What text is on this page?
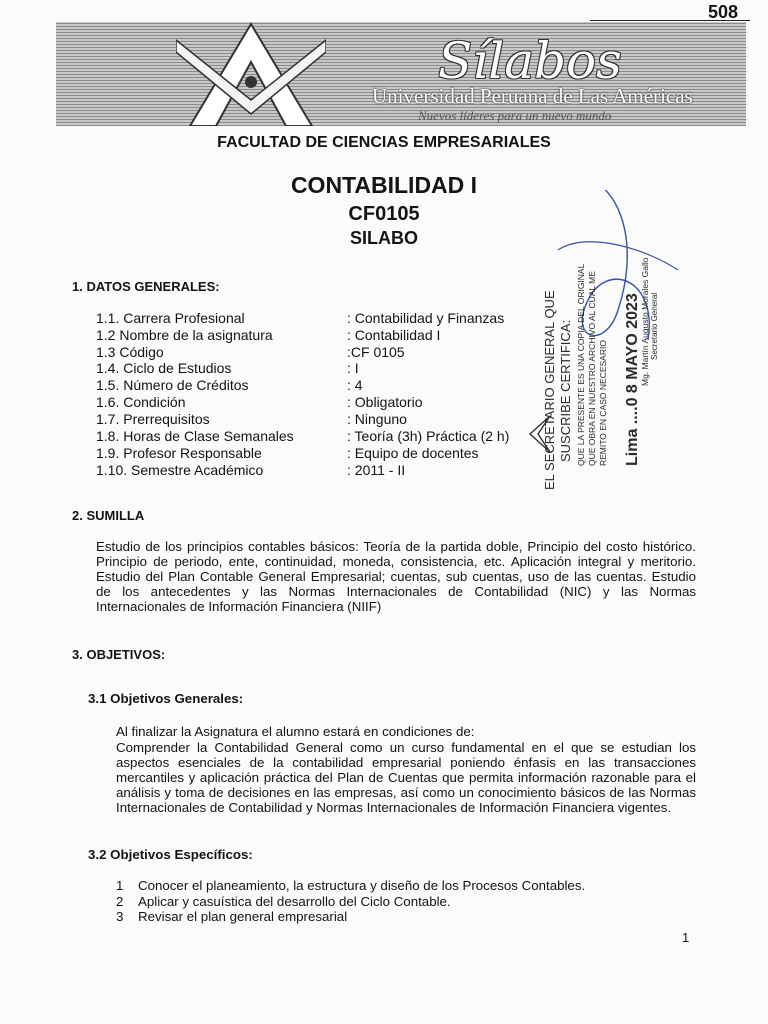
508
Sílabos
Universidad Peruana de Las Américas
Nuevos líderes para un nuevo mundo
FACULTAD DE CIENCIAS EMPRESARIALES
CONTABILIDAD I
CF0105
SILABO
1. DATOS GENERALES:
1.1. Carrera Profesional	: Contabilidad y Finanzas
1.2 Nombre de la asignatura	: Contabilidad I
1.3 Código	:CF 0105
1.4. Ciclo de Estudios	: I
1.5. Número de Créditos	: 4
1.6. Condición	: Obligatorio
1.7. Prerrequisitos	: Ninguno
1.8. Horas de Clase Semanales	: Teoría (3h) Práctica (2 h)
1.9. Profesor Responsable	: Equipo de docentes
1.10. Semestre Académico	: 2011 - II	EL SECRETARIO GENERAL QUE SUSCRIBE CERTIFICA: QUE LA PRESENTE ES UNA COPIA DEL ORIGINAL QUE OBRA EN NUESTRO ARCHIVO AL CUAL ME REMITO EN CASO NECESARIO Lima ....0 8 MAYO 2023 Mg. Martín Augusto Morales Gallo Secretario General
2. SUMILLA
Estudio de los principios contables básicos: Teoría de la partida doble, Principio del costo histórico. Principio de periodo, ente, continuidad, moneda, consistencia, etc. Aplicación integral y meritorio. Estudio del Plan Contable General Empresarial; cuentas, sub cuentas, uso de las cuentas. Estudio de los antecedentes y las Normas Internacionales de Contabilidad (NIC) y las Normas Internacionales de Información Financiera (NIIF)
3. OBJETIVOS:
3.1 Objetivos Generales:
Al finalizar la Asignatura el alumno estará en condiciones de:
Comprender la Contabilidad General como un curso fundamental en el que se estudian los aspectos esenciales de la contabilidad empresarial poniendo énfasis en las transacciones mercantiles y aplicación práctica del Plan de Cuentas que permita información razonable para el análisis y toma de decisiones en las empresas, así como un conocimiento básicos de las Normas Internacionales de Contabilidad y Normas Internacionales de Información Financiera vigentes.
3.2 Objetivos Específicos:
1 Conocer el planeamiento, la estructura y diseño de los Procesos Contables.
2 Aplicar y casuística del desarrollo del Ciclo Contable.
3 Revisar el plan general empresarial
1
